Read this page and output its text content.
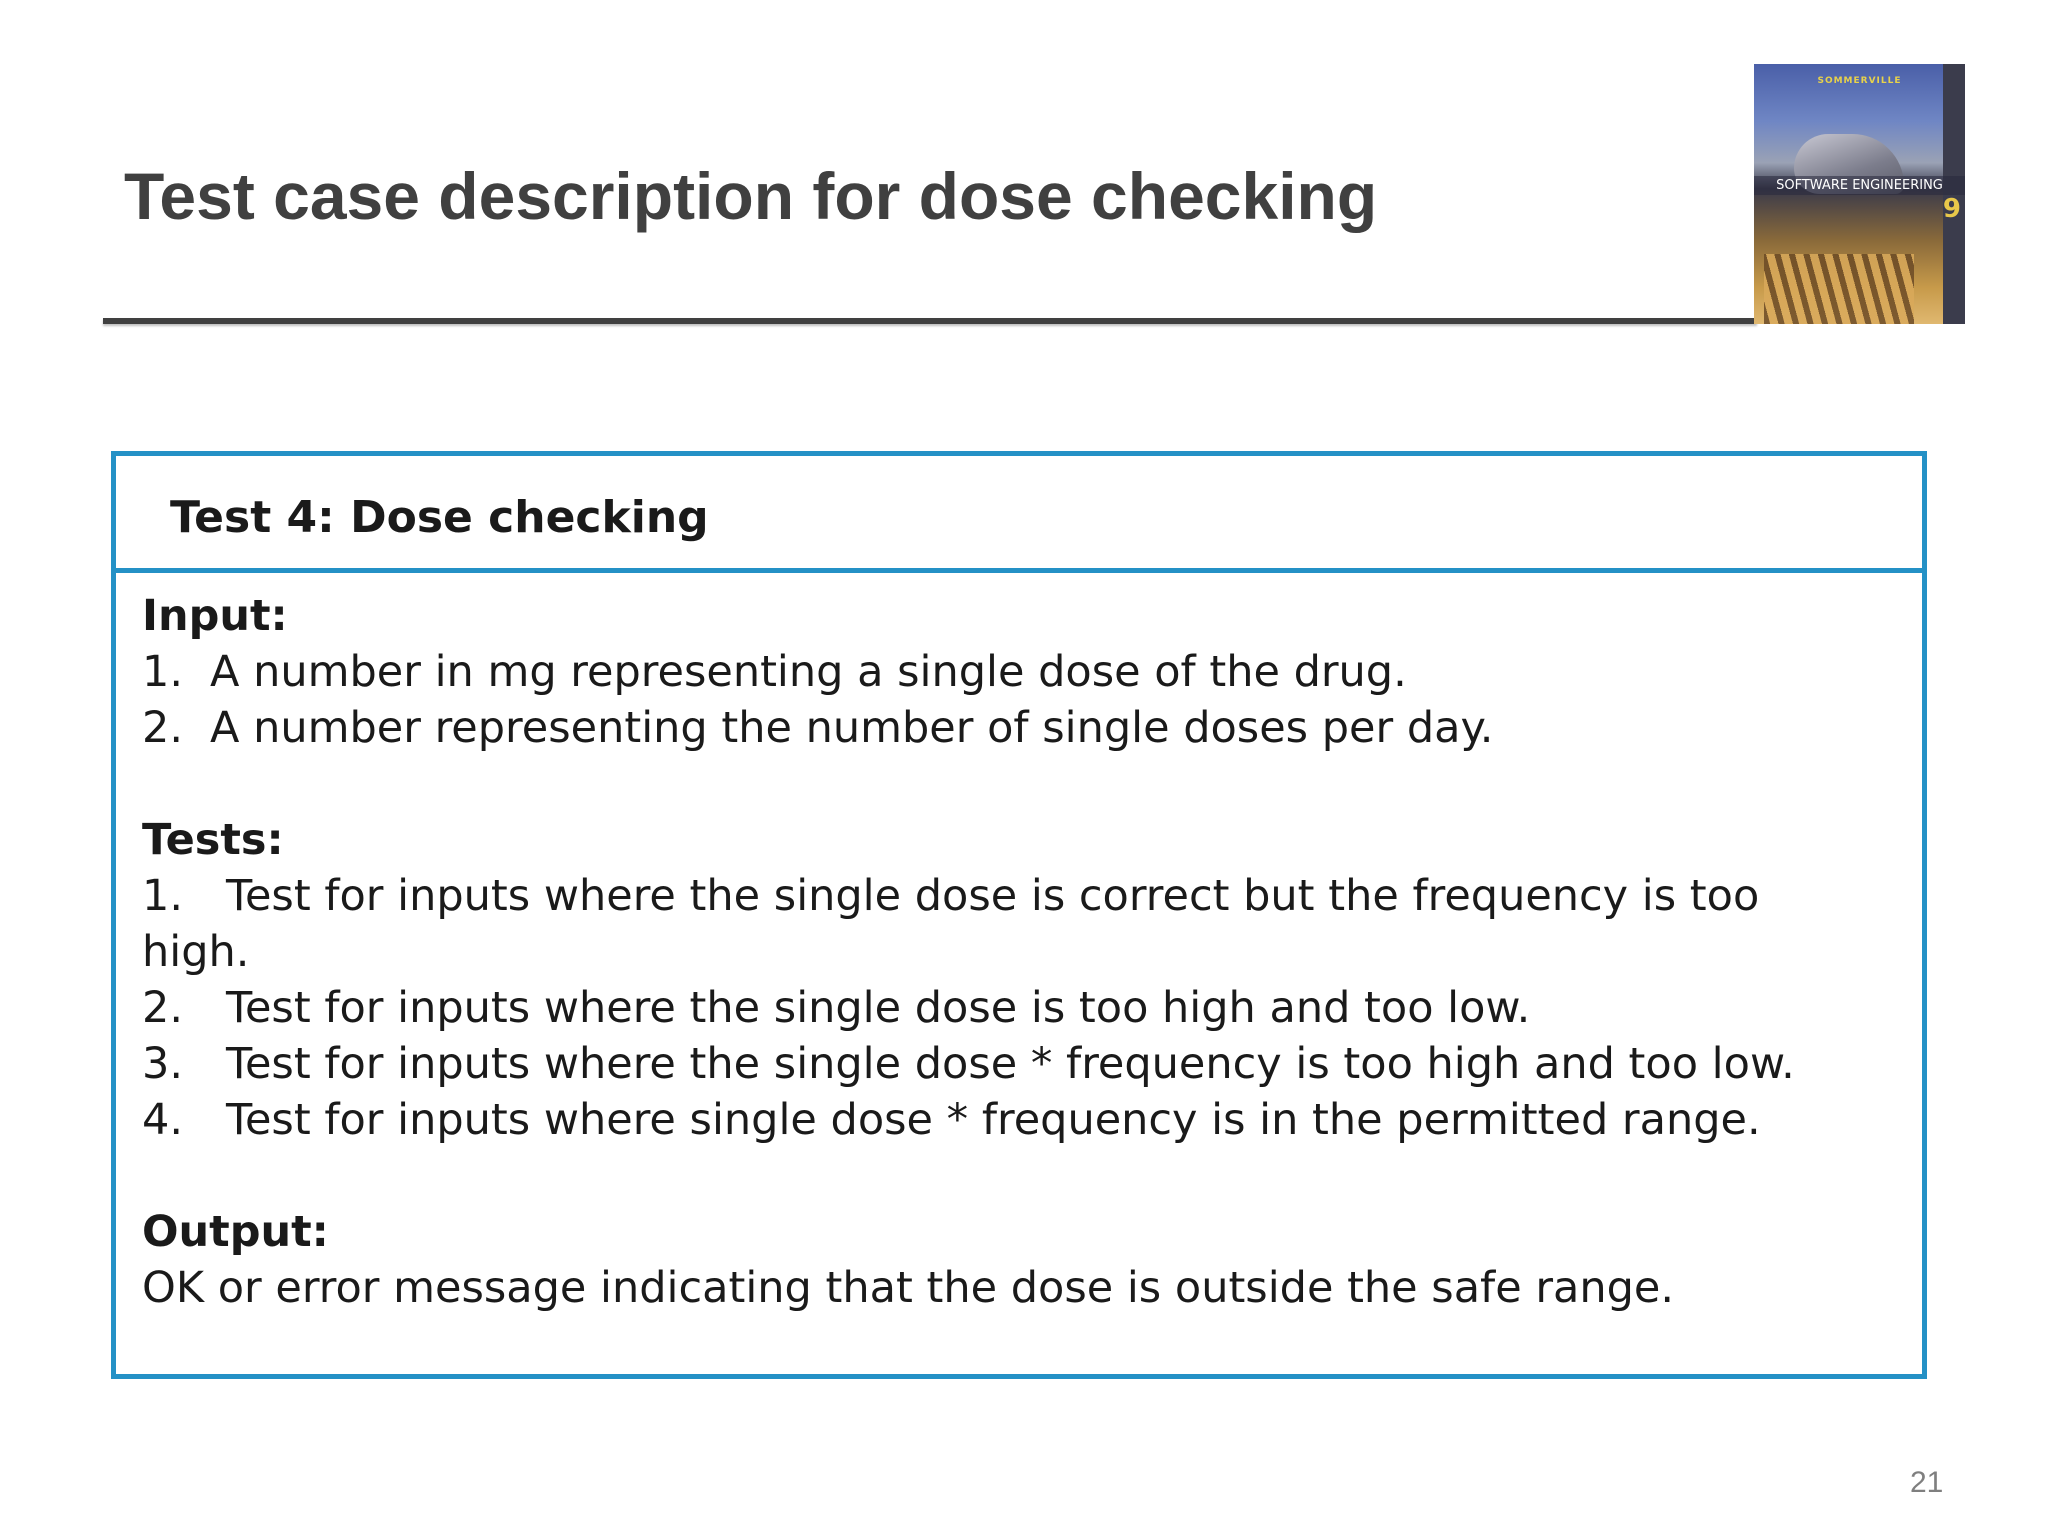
Test case description for dose checking
SOMMERVILLE
SOFTWARE ENGINEERING
9
Test 4: Dose checking
Input:
1. A number in mg representing a single dose of the drug.
2. A number representing the number of single doses per day.
Tests:
1. Test for inputs where the single dose is correct but the frequency is too
high.
2. Test for inputs where the single dose is too high and too low.
3. Test for inputs where the single dose * frequency is too high and too low.
4. Test for inputs where single dose * frequency is in the permitted range.
Output:
OK or error message indicating that the dose is outside the safe range.
21
